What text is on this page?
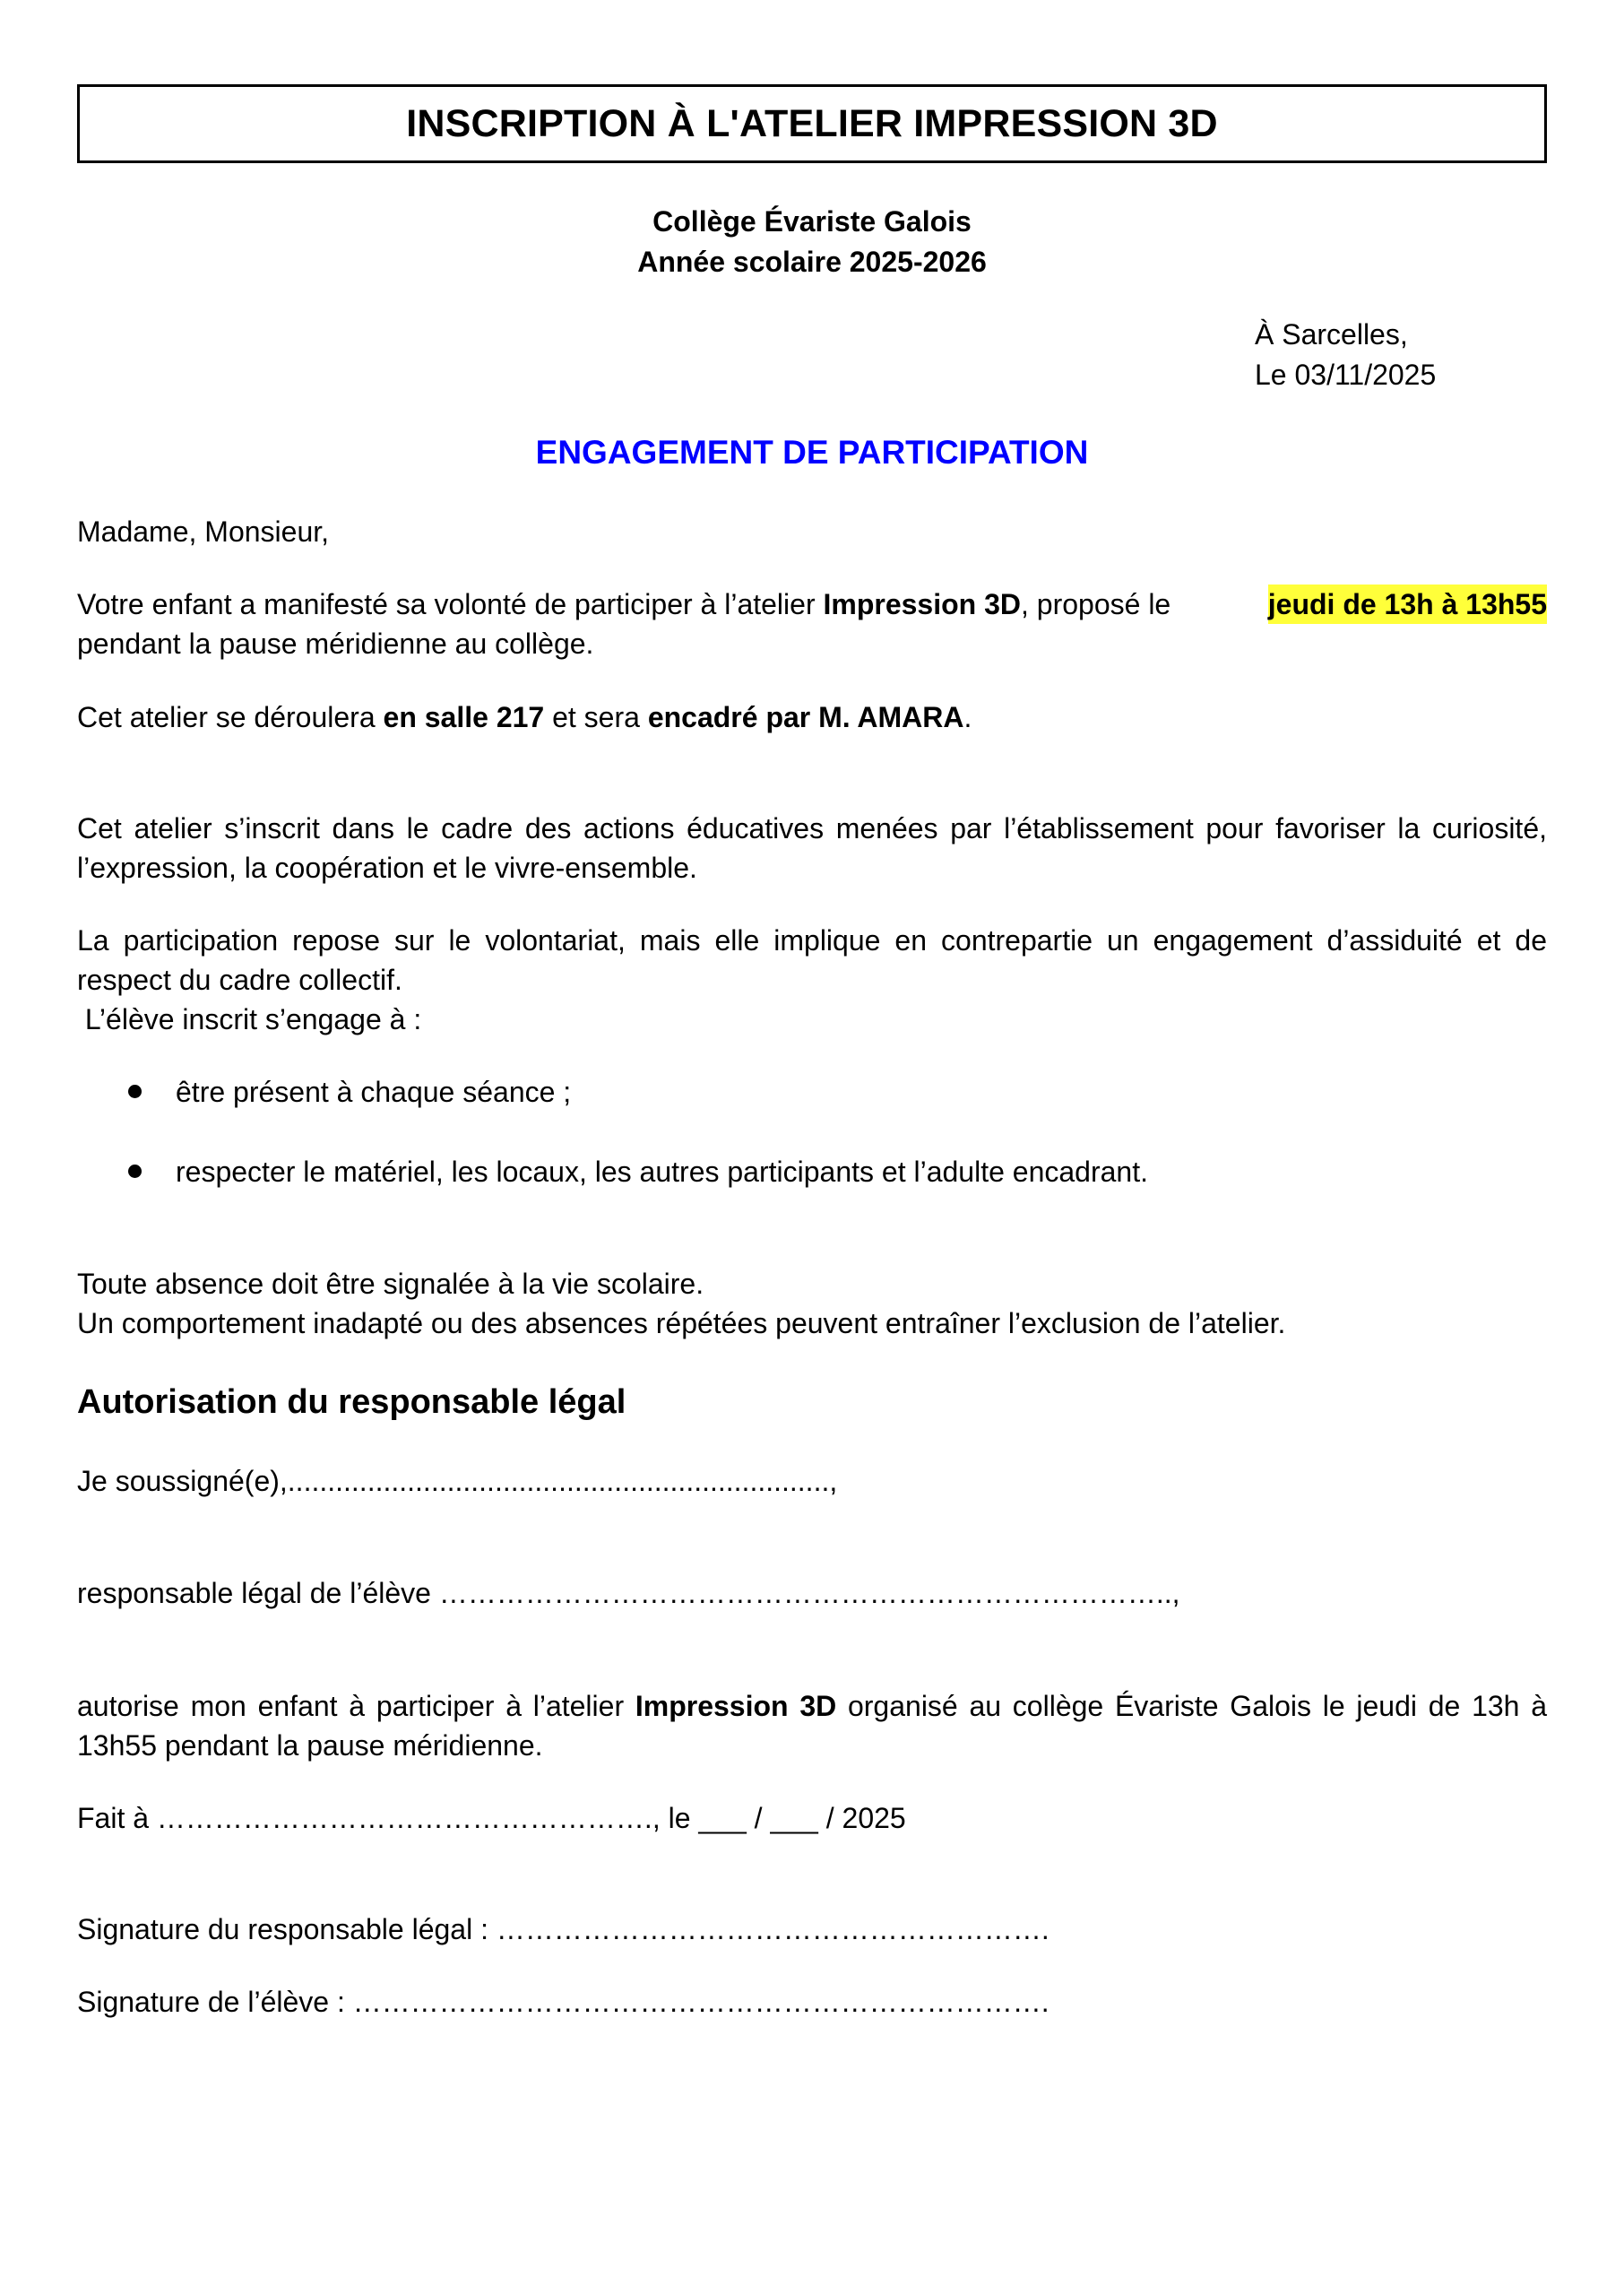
INSCRIPTION À L'ATELIER IMPRESSION 3D
Collège Évariste Galois
Année scolaire 2025-2026
À Sarcelles,
Le 03/11/2025
ENGAGEMENT DE PARTICIPATION
Madame, Monsieur,
Votre enfant a manifesté sa volonté de participer à l’atelier Impression 3D, proposé le	jeudi de 13h à 13h55
pendant la pause méridienne au collège.
Cet atelier se déroulera en salle 217 et sera encadré par M. AMARA.
Cet atelier s’inscrit dans le cadre des actions éducatives menées par l’établissement pour favoriser la curiosité, l’expression, la coopération et le vivre-ensemble.
La participation repose sur le volontariat, mais elle implique en contrepartie un engagement d’assiduité et de respect du cadre collectif.
L’élève inscrit s’engage à :
être présent à chaque séance ;
respecter le matériel, les locaux, les autres participants et l’adulte encadrant.
Toute absence doit être signalée à la vie scolaire.
Un comportement inadapté ou des absences répétées peuvent entraîner l’exclusion de l’atelier.
Autorisation du responsable légal
Je soussigné(e),....................................................................,
responsable légal de l’élève …………………………………………………………………..,
autorise mon enfant à participer à l’atelier Impression 3D organisé au collège Évariste Galois le jeudi de 13h à 13h55 pendant la pause méridienne.
Fait à ……………………………………………., le ___ / ___ / 2025
Signature du responsable légal : ………………………………………………….
Signature de l’élève : ……………………………………………………………….
